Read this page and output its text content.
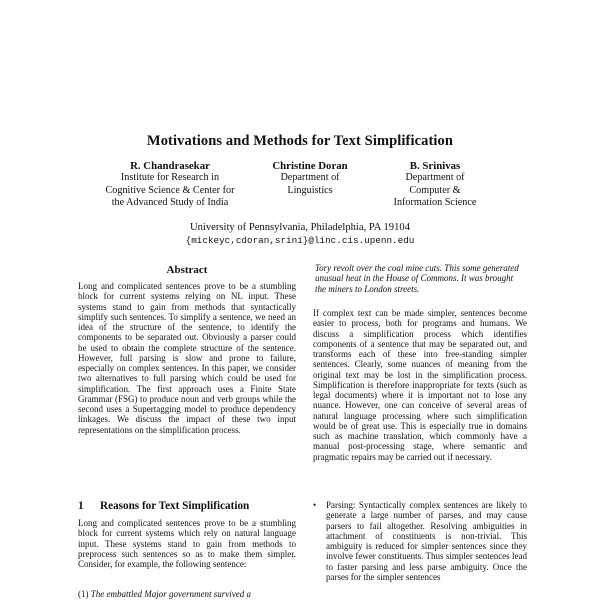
Motivations and Methods for Text Simplification
R. Chandrasekar
Institute for Research in
Cognitive Science & Center for
the Advanced Study of India
Christine Doran
Department of
Linguistics
B. Srinivas
Department of
Computer &
Information Science
University of Pennsylvania, Philadelphia, PA 19104
{mickeyc,cdoran,srini}@linc.cis.upenn.edu
Abstract
Long and complicated sentences prove to be a stumbling block for current systems relying on NL input. These systems stand to gain from methods that syntactically simplify such sentences. To simplify a sentence, we need an idea of the structure of the sentence, to identify the components to be separated out. Obviously a parser could be used to obtain the complete structure of the sentence. However, full parsing is slow and prone to failure, especially on complex sentences. In this paper, we consider two alternatives to full parsing which could be used for simplification. The first approach uses a Finite State Grammar (FSG) to produce noun and verb groups while the second uses a Supertagging model to produce dependency linkages. We discuss the impact of these two input representations on the simplification process.
1 Reasons for Text Simplification
Long and complicated sentences prove to be a stumbling block for current systems which rely on natural language input. These systems stand to gain from methods to preprocess such sentences so as to make them simpler. Consider, for example, the following sentence:
(1) The embattled Major government survived a
Tory revolt over the coal mine cuts. This some generated unusual heat in the House of Commons. It was brought the miners to London streets.
If complex text can be made simpler, sentences become easier to process, both for programs and humans. We discuss a simplification process which identifies components of a sentence that may be separated out, and transforms each of these into free-standing simpler sentences. Clearly, some nuances of meaning from the original text may be lost in the simplification process. Simplification is therefore inappropriate for texts (such as legal documents) where it is important not to lose any nuance. However, one can conceive of several areas of natural language processing where such simplification would be of great use. This is especially true in domains such as machine translation, which commonly have a manual post-processing stage, where semantic and pragmatic repairs may be carried out if necessary.
•	Parsing: Syntactically complex sentences are likely to generate a large number of parses, and may cause parsers to fail altogether. Resolving ambiguities in attachment of constituents is non-trivial. This ambiguity is reduced for simpler sentences since they involve fewer constituents. Thus simpler sentences lead to faster parsing and less parse ambiguity. Once the parses for the simpler sentences
